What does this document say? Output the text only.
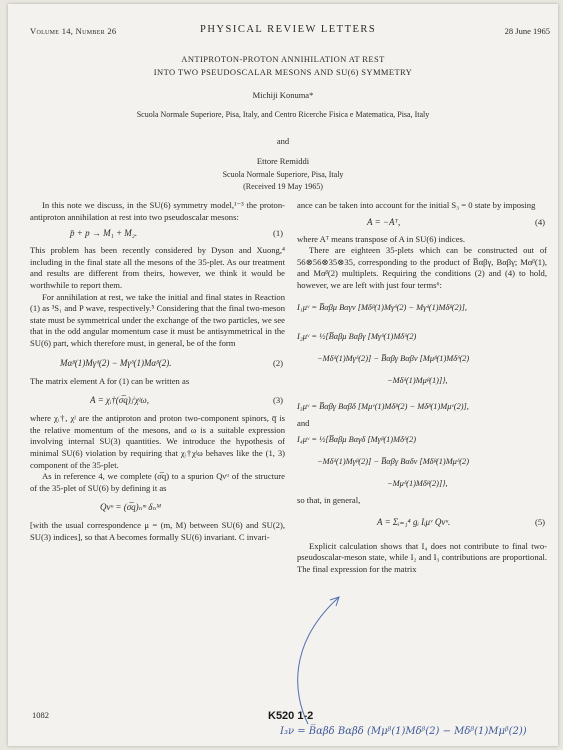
Volume 14, Number 26	PHYSICAL REVIEW LETTERS	28 June 1965
ANTIPROTON-PROTON ANNIHILATION AT REST
INTO TWO PSEUDOSCALAR MESONS AND SU(6) SYMMETRY
Michiji Konuma*
Scuola Normale Superiore, Pisa, Italy, and Centro Ricerche Fisica e Matematica, Pisa, Italy
and
Ettore Remiddi
Scuola Normale Superiore, Pisa, Italy
(Received 19 May 1965)

In this note we discuss, in the SU(6) symmetry model,¹⁻³ the proton-antiproton annihilation at rest into two pseudoscalar mesons:

p̄ + p → M₁ + M₂.	(1)

This problem has been recently considered by Dyson and Xuong,⁴ including in the final state all the mesons of the 35-plet. As our treatment and results are different from theirs, however, we think it would be worthwhile to report them.

For annihilation at rest, we take the initial and final states in Reaction (1) as ³S₁ and P wave, respectively.⁵ Considering that the final two-meson state must be symmetrical under the exchange of the two particles, we see that in the odd angular momentum case it must be antisymmetrical in the SU(6) part, which therefore must, in general, be of the form

Mαᵝ(1)Mγᵟ(2) − Mγᵟ(1)Mαᵝ(2).	(2)

The matrix element A for (1) can be written as

A = χᵢ†(σ̅q)ⱼⁱχʲω,	(3)

where χᵢ†, χʲ are the antiproton and proton two-component spinors, q̅ is the relative momentum of the mesons, and ω is a suitable expression involving internal SU(3) quantities. We introduce the hypothesis of minimal SU(6) violation by requiring that χᵢ†χʲω behaves like the (1, 3) component of the 35-plet.

As in reference 4, we complete (σ̅q) to a spurion Qνᵘ of the structure of the 35-plet of SU(6) by defining it as

Qνᵘ = (σ̅q)ₙᵐ δₙᴹ

[with the usual correspondence μ = (m, M) between SU(6) and SU(2), SU(3) indices], so that A becomes formally SU(6) invariant. C invari-

ance can be taken into account for the initial S₃ = 0 state by imposing

A = −Aᵀ,	(4)

where Aᵀ means transpose of A in SU(6) indices.

There are eighteen 35-plets which can be constructed out of 56⊗56⊗35⊗35, corresponding to the product of B̅αβγ, Bαβγ; Mαᵝ(1), and Mαᵝ(2) multiplets. Requiring the conditions (2) and (4) to hold, however, we are left with just four terms⁶:

I₁μᵛ = B̅αβμ Bαγν [Mδᵝ(1)Mγᵟ(2) − Mγᵟ(1)Mδᵝ(2)],
I₂μᵛ = ½[B̅αβμ Bαβγ [Mγᵟ(1)Mδᵟ(2)
−Mδᵟ(1)Mγᵟ(2)] − B̅αβγ Bαβν [Mμᵝ(1)Mδᵟ(2)
−Mδᵟ(1)Mμᵝ(1)]},
I₃μᵛ = B̅αβγ Bαβδ [Mμᵛ(1)Mδᵝ(2) − Mδᵝ(1)Mμᵛ(2)],

and

I₄μᵛ = ½[B̅αβμ Bαγδ [Mγᵝ(1)Mδᵟ(2)
−Mδᵟ(1)Mγᵝ(2)] − B̅αβγ Bαδν [Mδᵝ(1)Mμᵟ(2)
−Mμᵟ(1)Mδᵝ(2)]},

so that, in general,

A = Σᵢ₌₁⁴ gᵢ Iᵢμᵛ Qνᵘ.	(5)

Explicit calculation shows that I₄ does not contribute to final two-pseudoscalar-meson state, while I₂ and I₃ contributions are proportional. The final expression for the matrix

1082	K520 1-2
I₃ν = B̅αβδ Bαβδ (Mμᵝ(1)Mδᵝ(2) − Mδᵝ(1)Mμᵝ(2))
